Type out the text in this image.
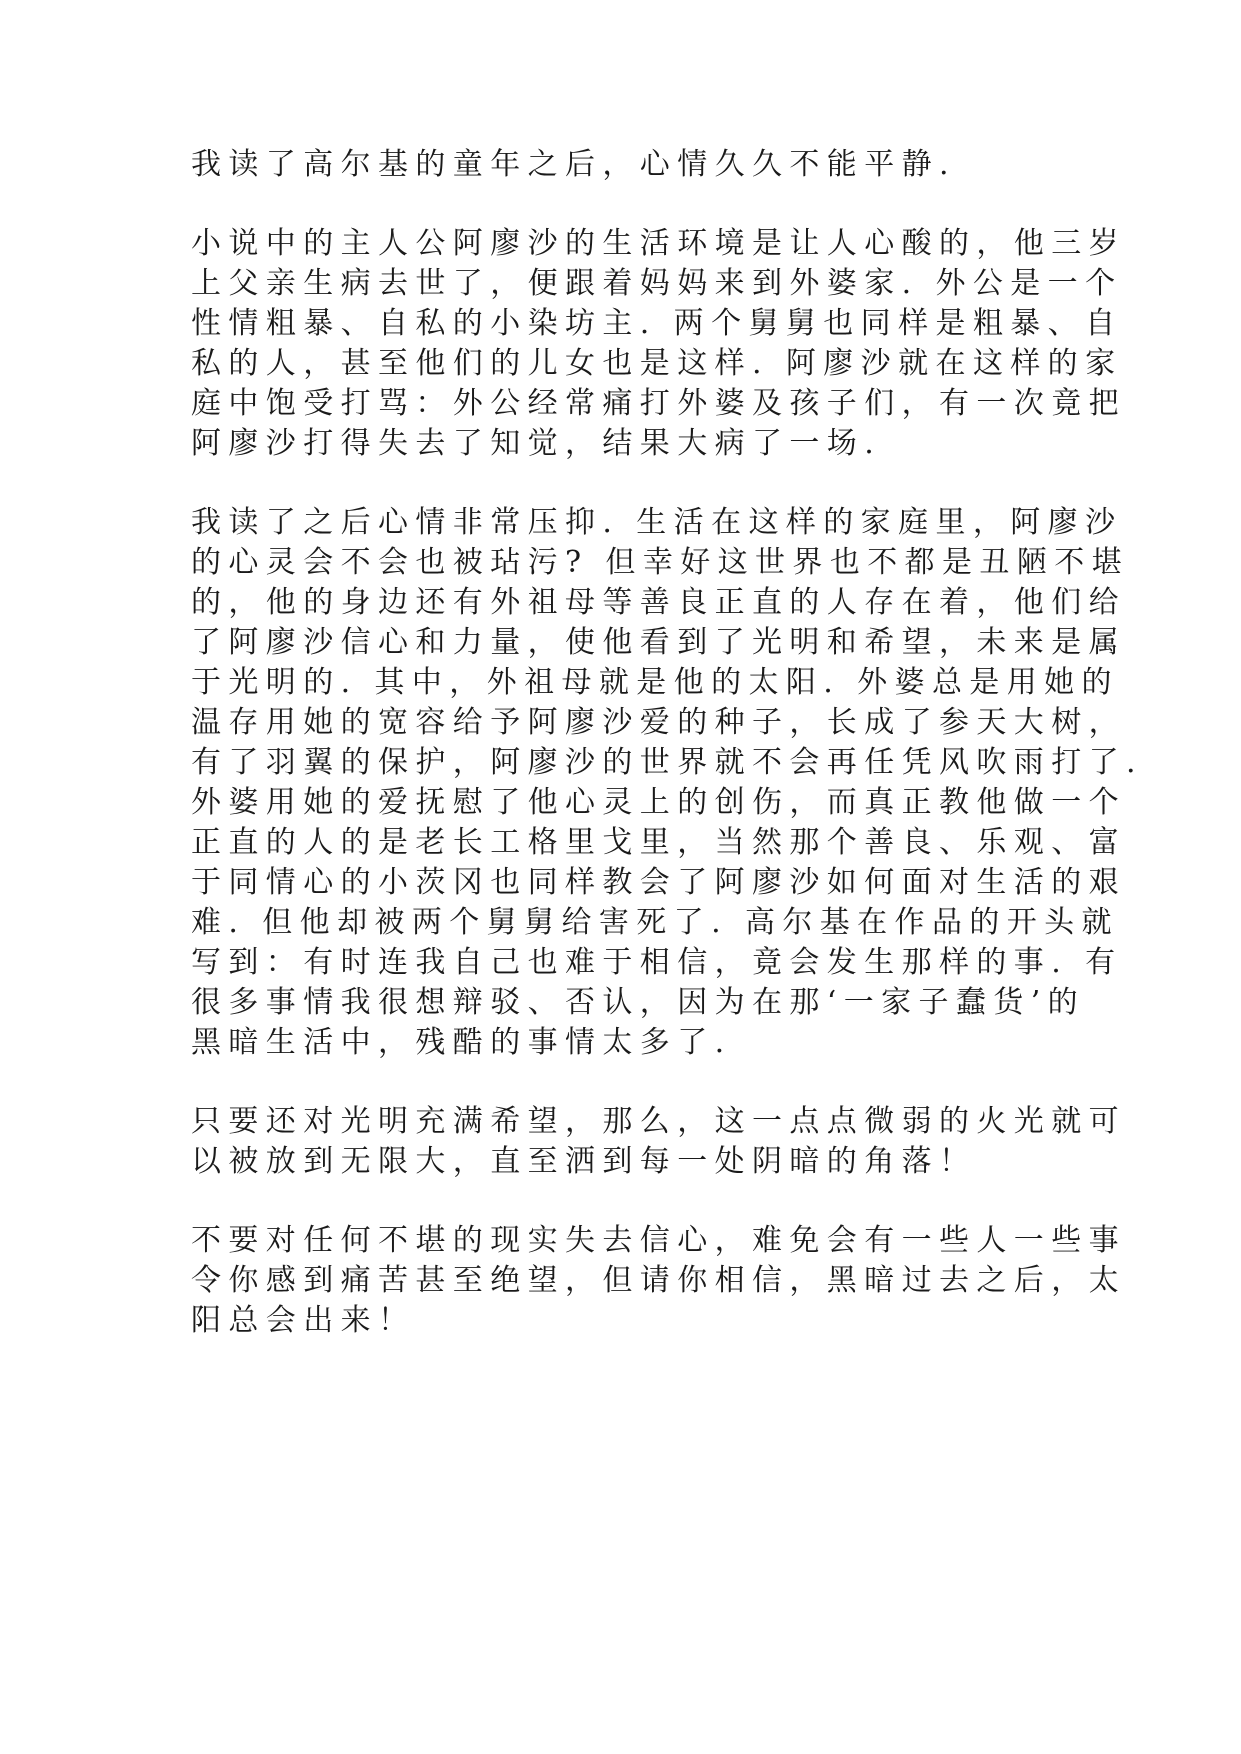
我读了高尔基的童年之后，心情久久不能平静.
小说中的主人公阿廖沙的生活环境是让人心酸的，他三岁
上父亲生病去世了，便跟着妈妈来到外婆家. 外公是一个
性情粗暴、自私的小染坊主. 两个舅舅也同样是粗暴、自
私的人，甚至他们的儿女也是这样. 阿廖沙就在这样的家
庭中饱受打骂：外公经常痛打外婆及孩子们，有一次竟把
阿廖沙打得失去了知觉，结果大病了一场.
我读了之后心情非常压抑. 生活在这样的家庭里，阿廖沙
的心灵会不会也被玷污? 但幸好这世界也不都是丑陋不堪
的，他的身边还有外祖母等善良正直的人存在着，他们给
了阿廖沙信心和力量，使他看到了光明和希望，未来是属
于光明的. 其中，外祖母就是他的太阳. 外婆总是用她的
温存用她的宽容给予阿廖沙爱的种子，长成了参天大树，
有了羽翼的保护，阿廖沙的世界就不会再任凭风吹雨打了.
外婆用她的爱抚慰了他心灵上的创伤，而真正教他做一个
正直的人的是老长工格里戈里，当然那个善良、乐观、富
于同情心的小茨冈也同样教会了阿廖沙如何面对生活的艰
难. 但他却被两个舅舅给害死了. 高尔基在作品的开头就
写到：有时连我自己也难于相信，竟会发生那样的事. 有
很多事情我很想辩驳、否认，因为在那‘一家子蠢货’的
黑暗生活中，残酷的事情太多了.
只要还对光明充满希望，那么，这一点点微弱的火光就可
以被放到无限大，直至洒到每一处阴暗的角落！
不要对任何不堪的现实失去信心，难免会有一些人一些事
令你感到痛苦甚至绝望，但请你相信，黑暗过去之后，太
阳总会出来！
